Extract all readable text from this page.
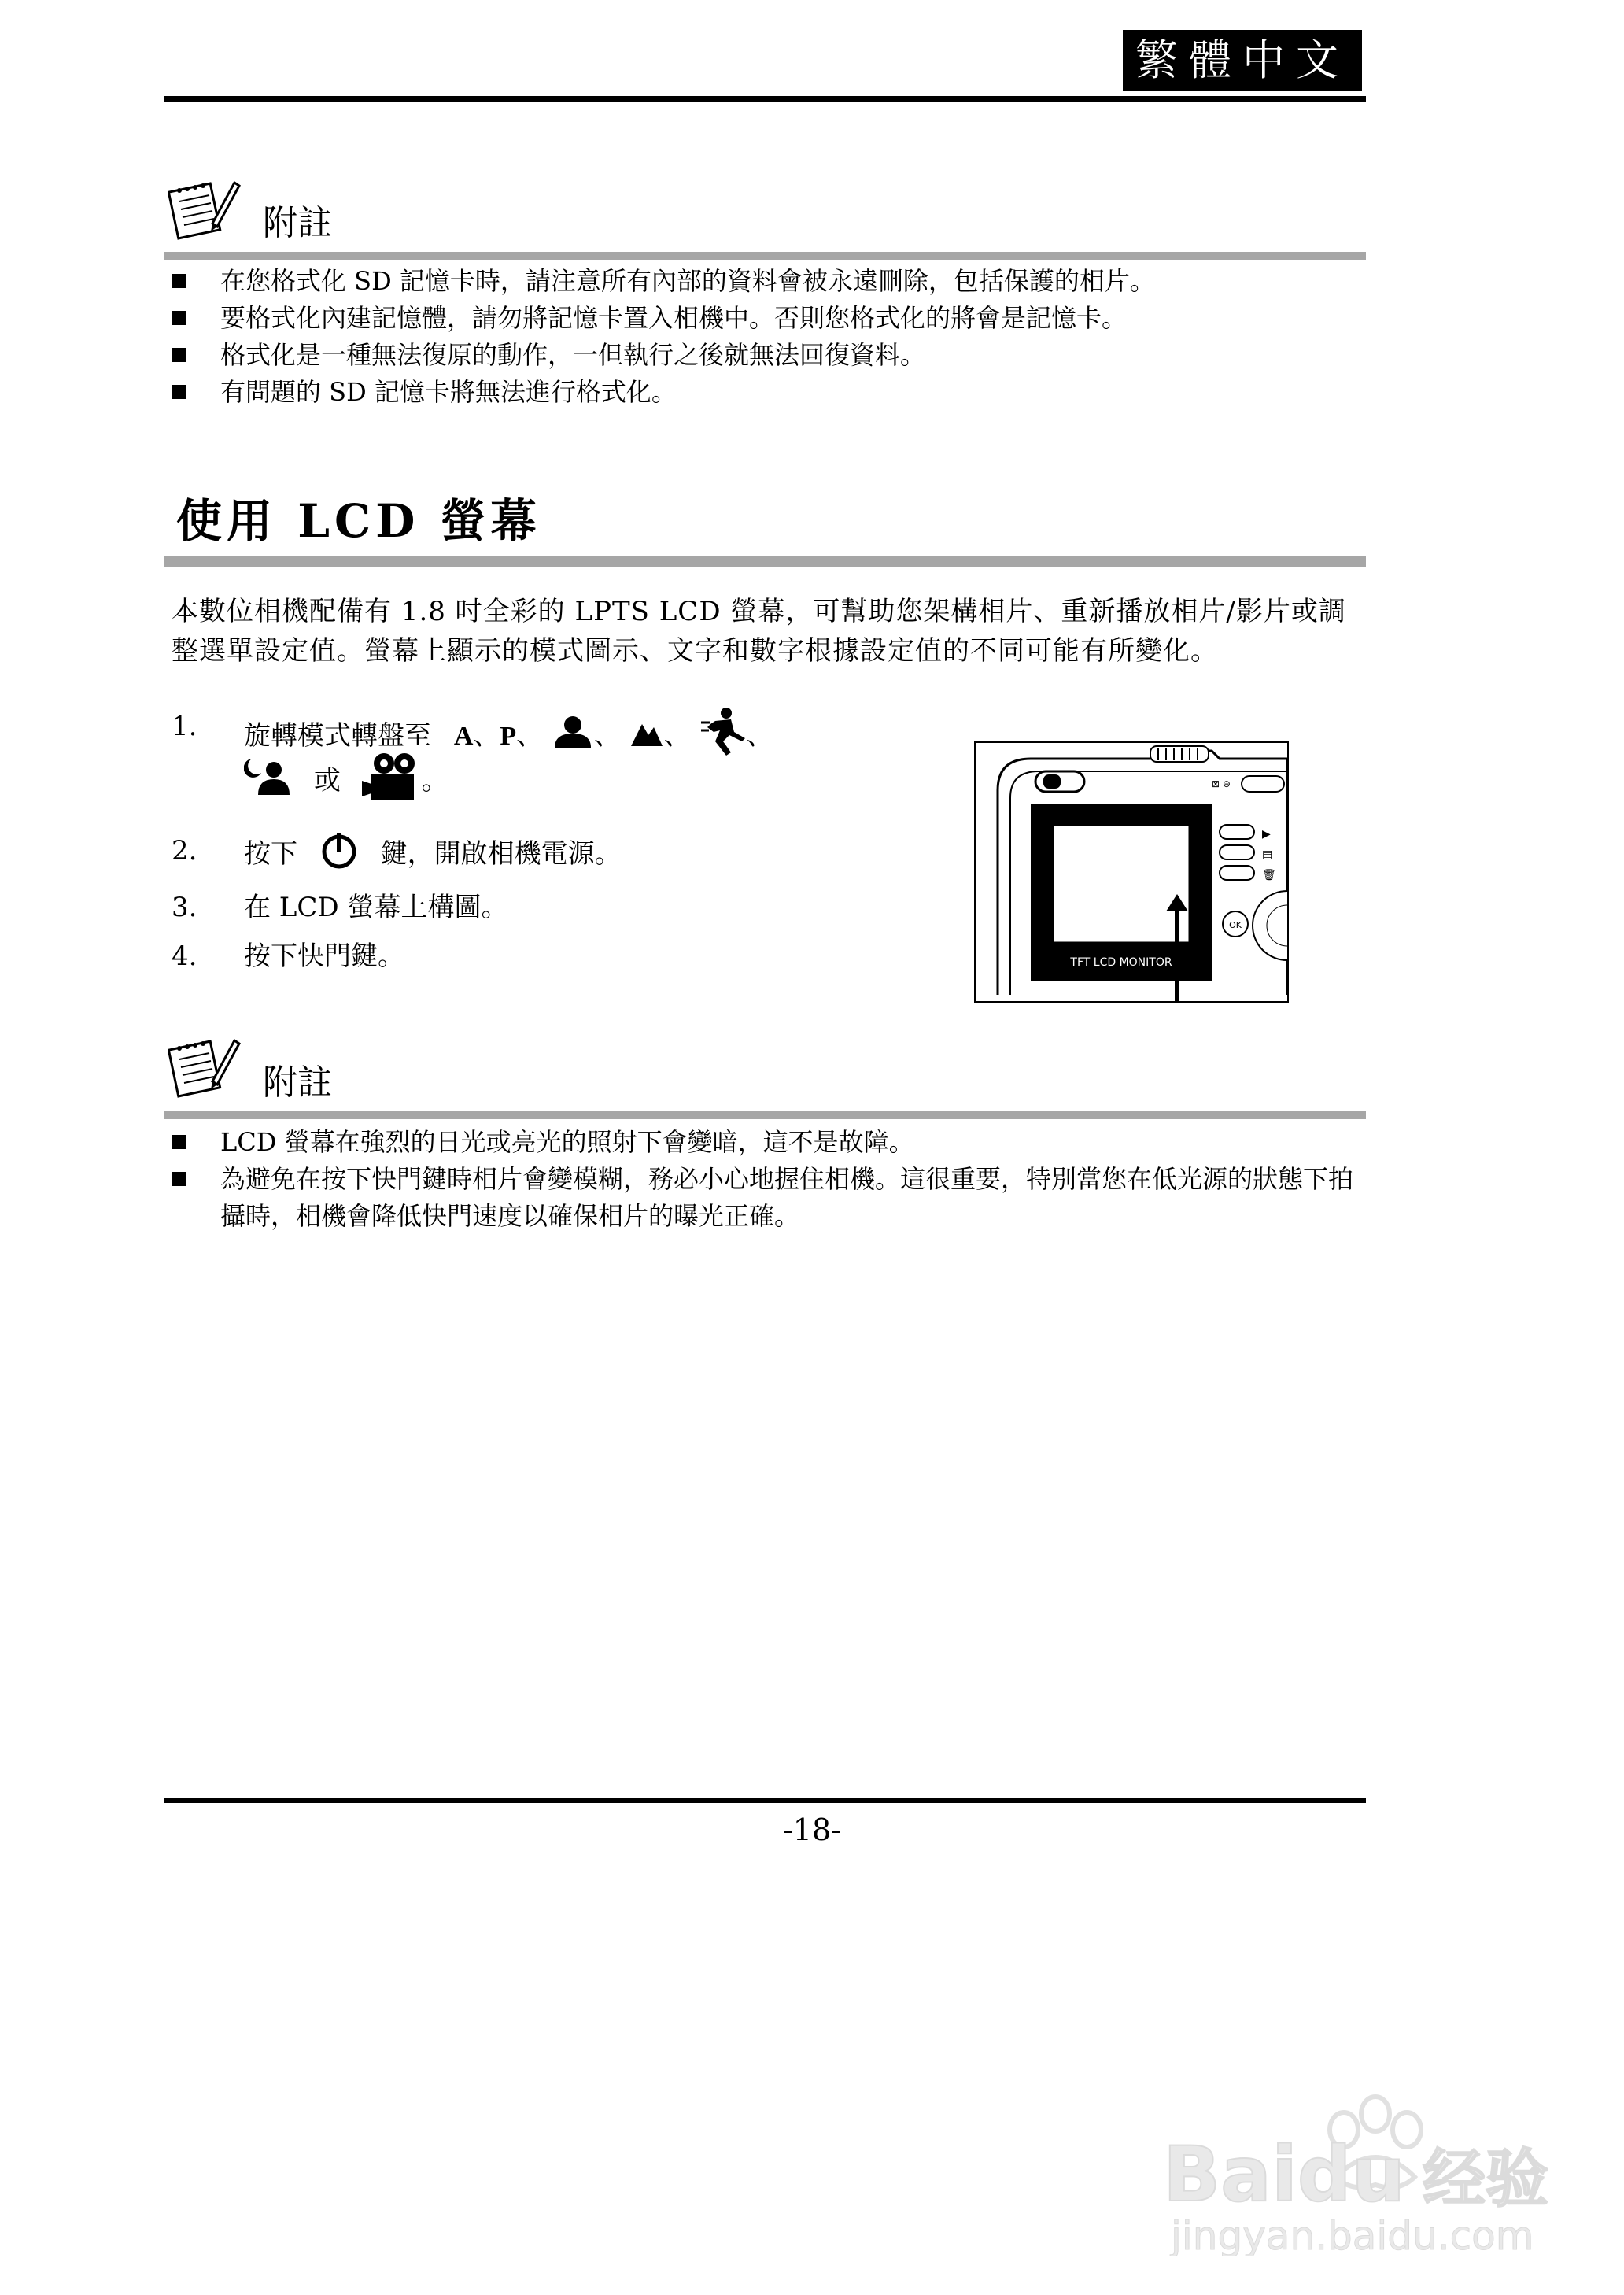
繁體中文
附註
在您格式化 SD 記憶卡時，請注意所有內部的資料會被永遠刪除，包括保護的相片。
要格式化內建記憶體，請勿將記憶卡置入相機中。否則您格式化的將會是記憶卡。
格式化是一種無法復原的動作，一但執行之後就無法回復資料。
有問題的 SD 記憶卡將無法進行格式化。
使用 LCD 螢幕
本數位相機配備有 1.8 吋全彩的 LPTS LCD 螢幕，可幫助您架構相片、重新播放相片/影片或調整選單設定值。螢幕上顯示的模式圖示、文字和數字根據設定值的不同可能有所變化。
1. 旋轉模式轉盤至 A、P、 、 、 、
或	。
2. 按下	鍵，開啟相機電源。
3. 在 LCD 螢幕上構圖。
4. 按下快門鍵。
⊠ ⊖
TFT LCD MONITOR
▶
▤
🗑
OK
附註
LCD 螢幕在強烈的日光或亮光的照射下會變暗，這不是故障。
為避免在按下快門鍵時相片會變模糊，務必小心地握住相機。這很重要，特別當您在低光源的狀態下拍攝時，相機會降低快門速度以確保相片的曝光正確。
-18-
Baidu 经验
jingyan.baidu.com
